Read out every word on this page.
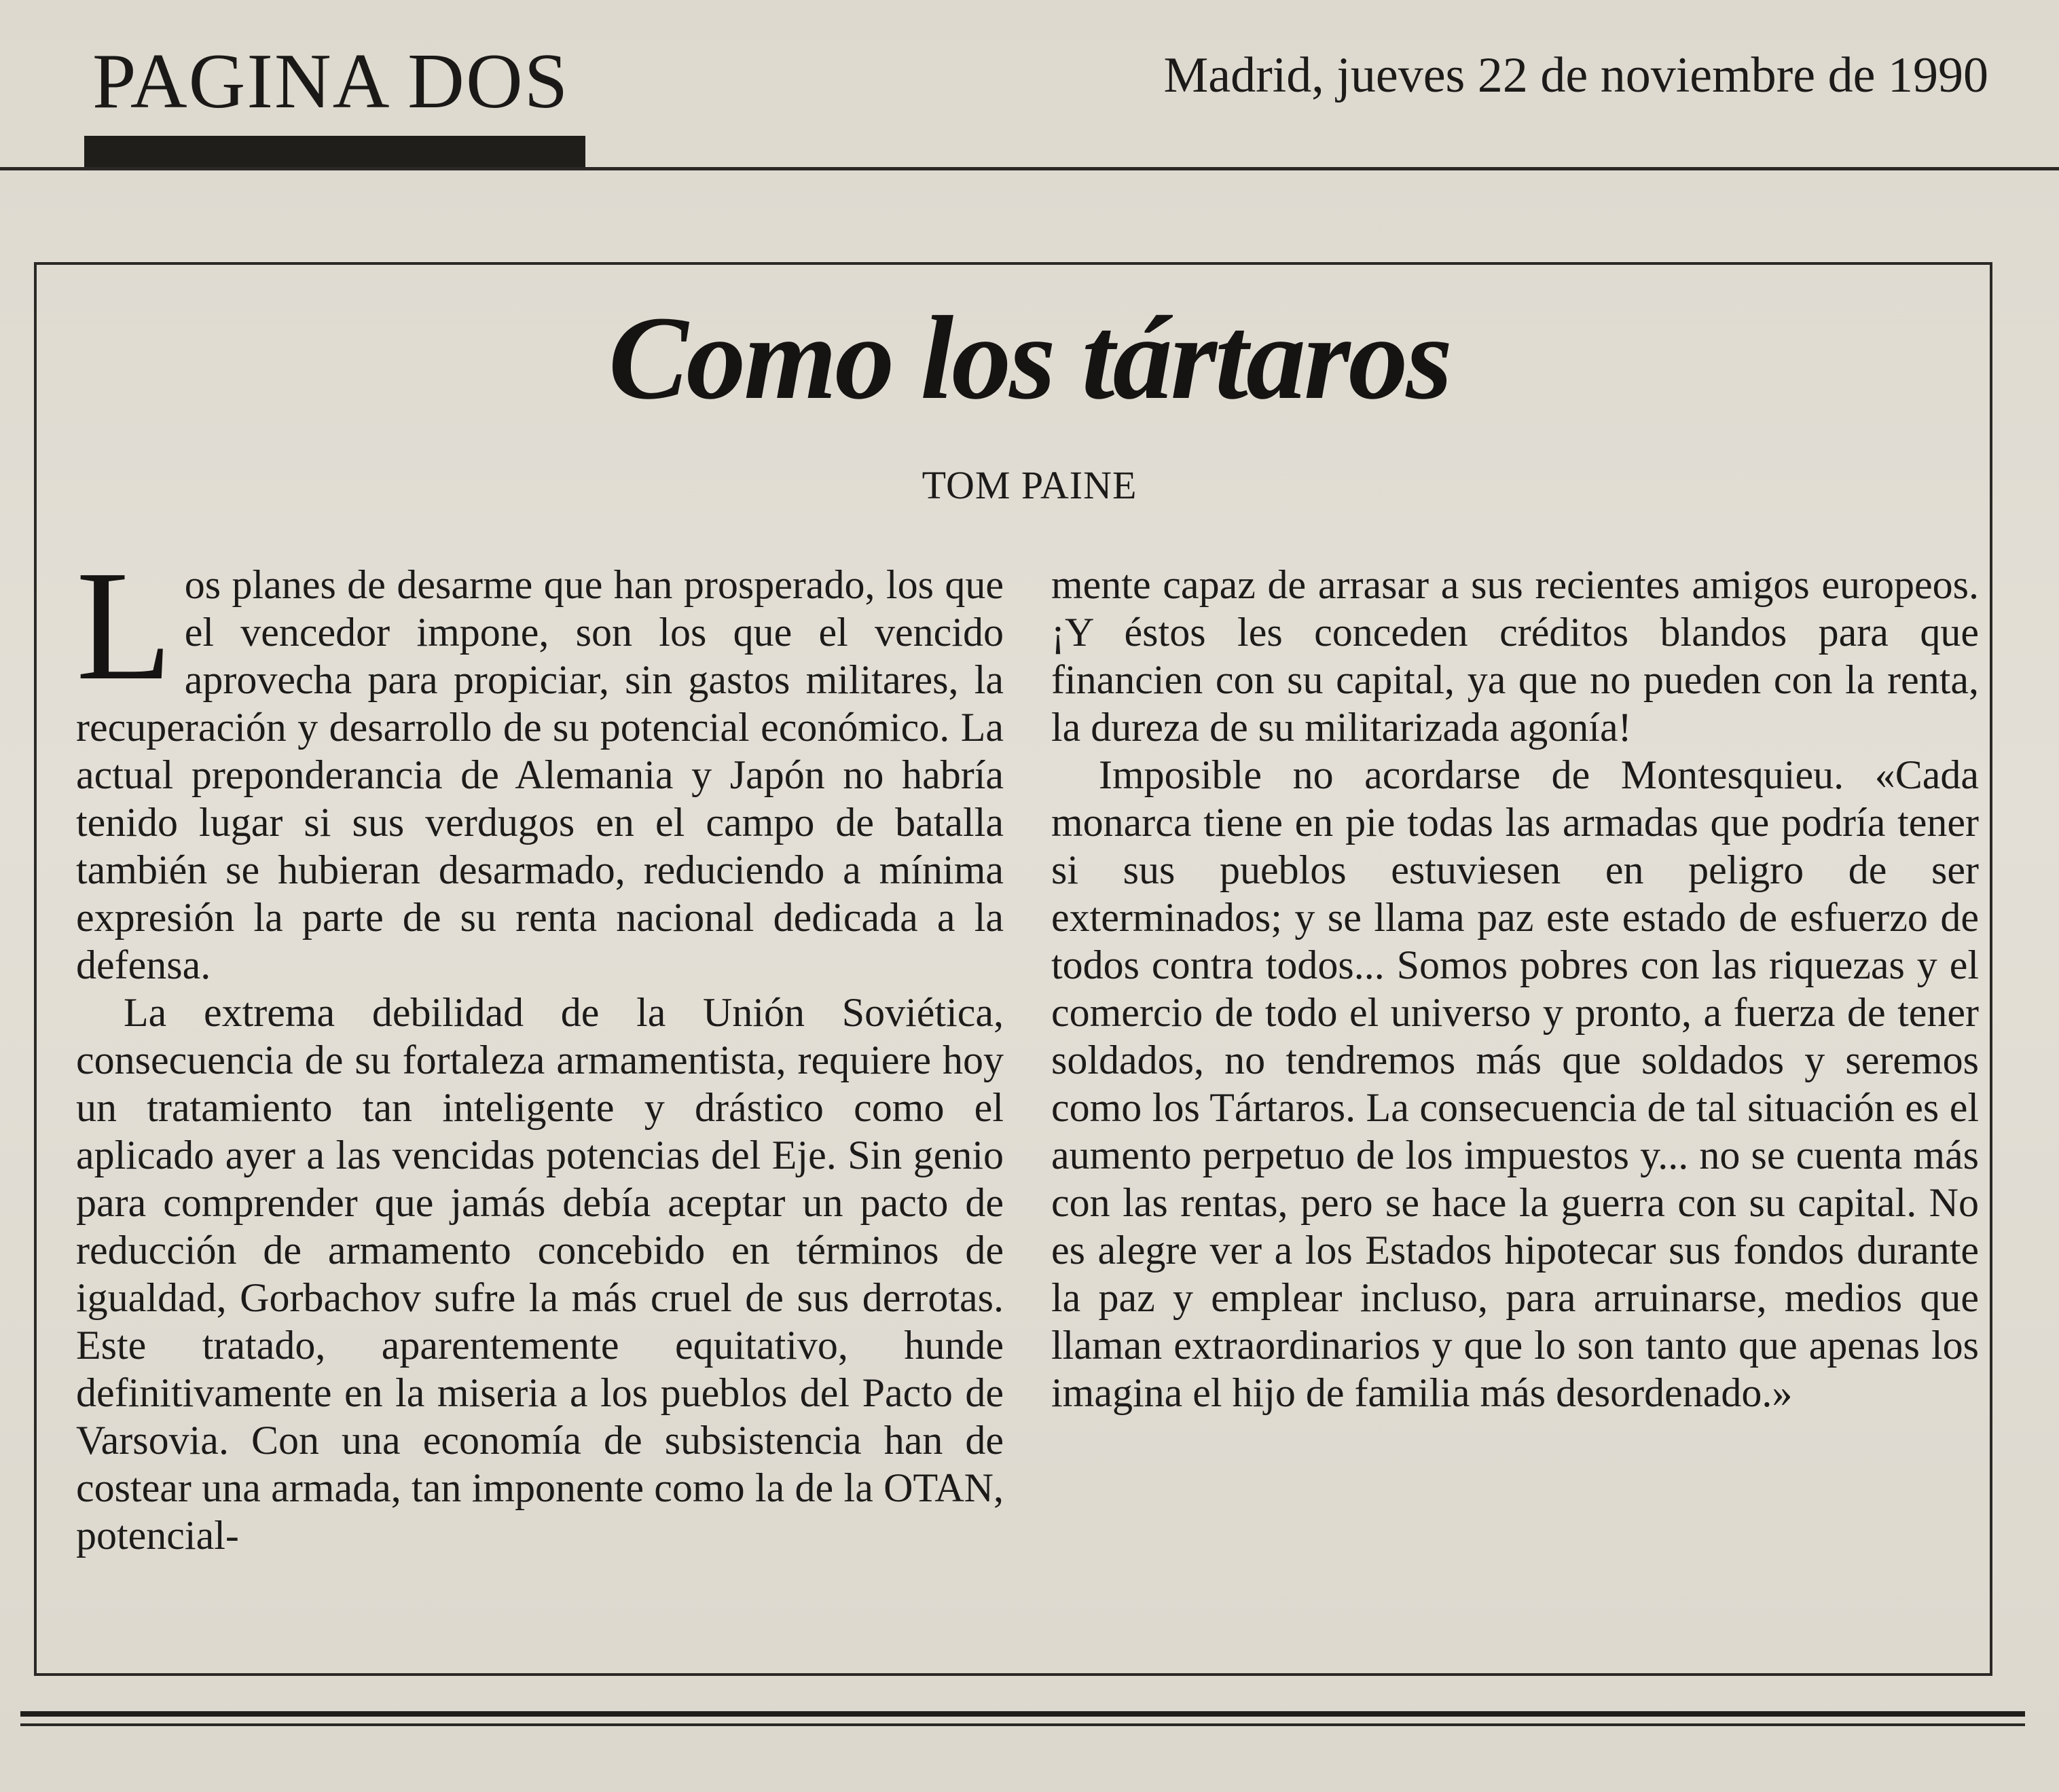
PAGINA DOS	Madrid, jueves 22 de noviembre de 1990
Como los tártaros
TOM PAINE

Los planes de desarme que han prosperado, los que el vencedor impone, son los que el vencido aprovecha para propiciar, sin gastos militares, la recuperación y desarrollo de su potencial económico. La actual preponderancia de Alemania y Japón no habría tenido lugar si sus verdugos en el campo de batalla también se hubieran desarmado, reduciendo a mínima expresión la parte de su renta nacional dedicada a la defensa.

La extrema debilidad de la Unión Soviética, consecuencia de su fortaleza armamentista, requiere hoy un tratamiento tan inteligente y drástico como el aplicado ayer a las vencidas potencias del Eje. Sin genio para comprender que jamás debía aceptar un pacto de reducción de armamento concebido en términos de igualdad, Gorbachov sufre la más cruel de sus derrotas. Este tratado, aparentemente equitativo, hunde definitivamente en la miseria a los pueblos del Pacto de Varsovia. Con una economía de subsistencia han de costear una armada, tan imponente como la de la OTAN, potencial-

mente capaz de arrasar a sus recientes amigos europeos. ¡Y éstos les conceden créditos blandos para que financien con su capital, ya que no pueden con la renta, la dureza de su militarizada agonía!

Imposible no acordarse de Montesquieu. «Cada monarca tiene en pie todas las armadas que podría tener si sus pueblos estuviesen en peligro de ser exterminados; y se llama paz este estado de esfuerzo de todos contra todos... Somos pobres con las riquezas y el comercio de todo el universo y pronto, a fuerza de tener soldados, no tendremos más que soldados y seremos como los Tártaros. La consecuencia de tal situación es el aumento perpetuo de los impuestos y... no se cuenta más con las rentas, pero se hace la guerra con su capital. No es alegre ver a los Estados hipotecar sus fondos durante la paz y emplear incluso, para arruinarse, medios que llaman extraordinarios y que lo son tanto que apenas los imagina el hijo de familia más desordenado.»
